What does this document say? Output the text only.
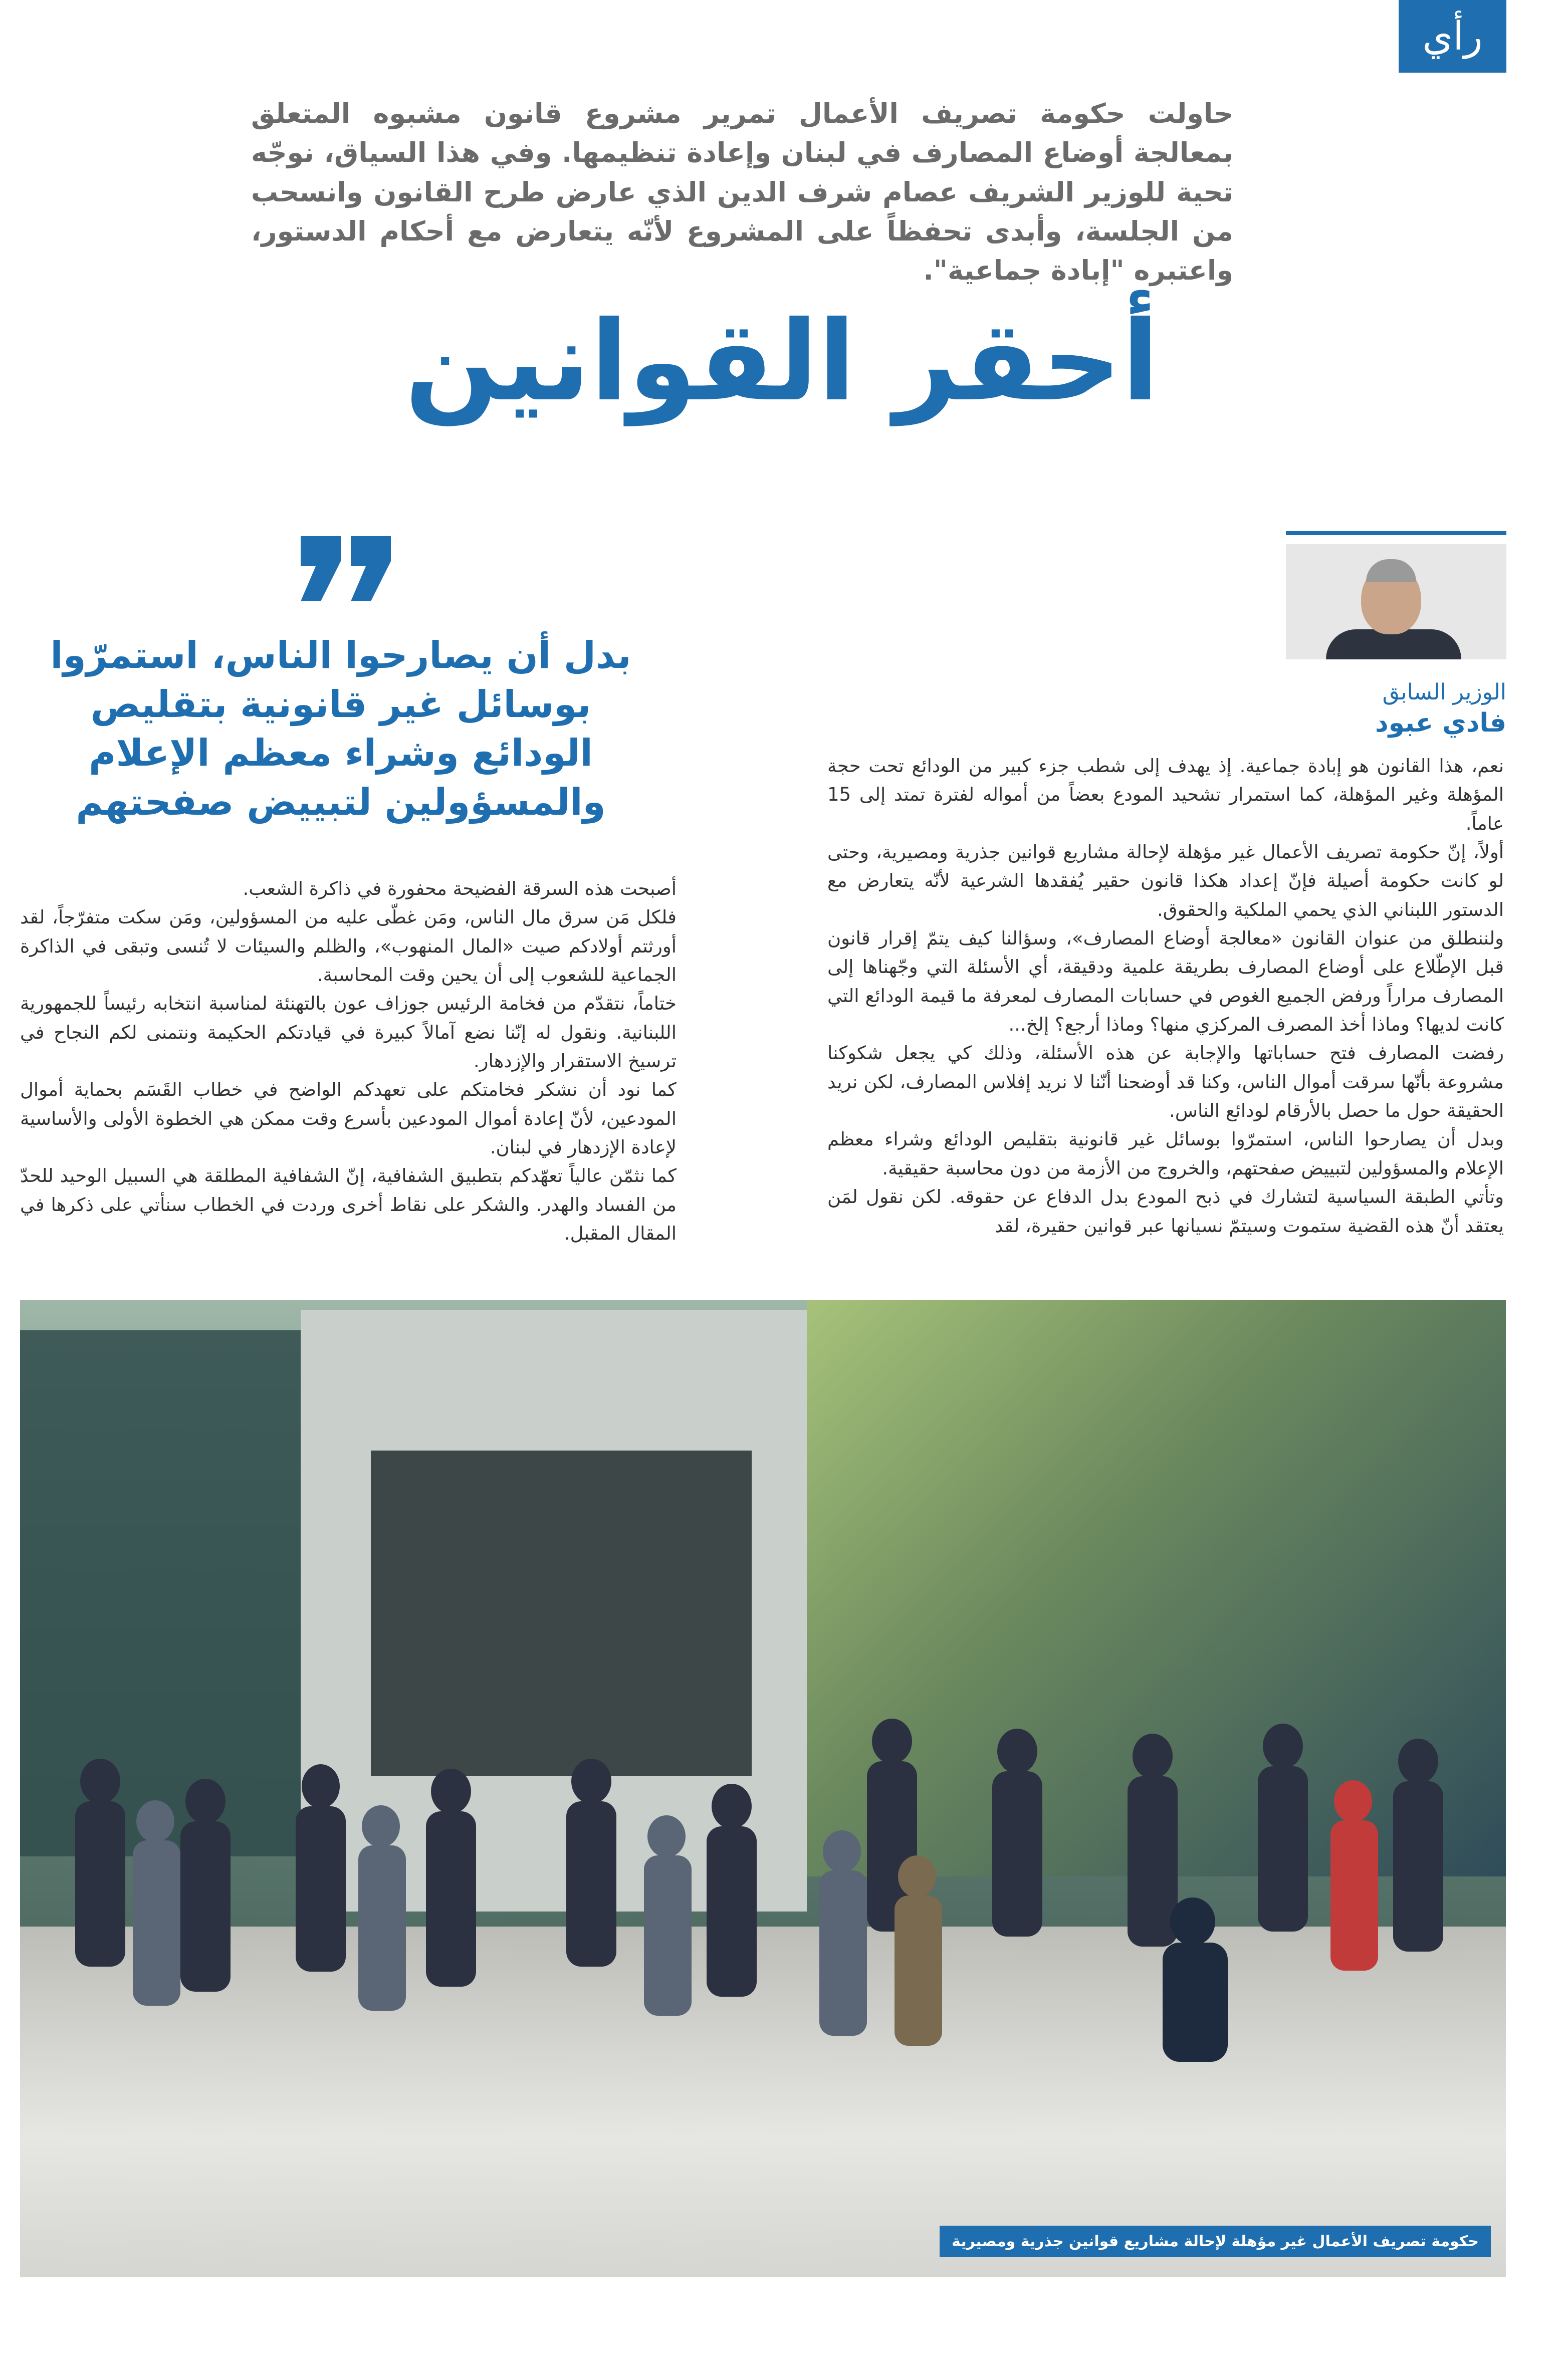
رأي

حاولت حكومة تصريف الأعمال تمرير مشروع قانون مشبوه المتعلق بمعالجة أوضاع المصارف في لبنان وإعادة تنظيمها. وفي هذا السياق، نوجّه تحية للوزير الشريف عصام شرف الدين الذي عارض طرح القانون وانسحب من الجلسة، وأبدى تحفظاً على المشروع لأنّه يتعارض مع أحكام الدستور، واعتبره "إبادة جماعية".

أحقر القوانين
بدل أن يصارحوا الناس، استمرّوا بوسائل غير قانونية بتقليص الودائع وشراء معظم الإعلام والمسؤولين لتبييض صفحتهم
الوزير السابق
فادي عبود

نعم، هذا القانون هو إبادة جماعية. إذ يهدف إلى شطب جزء كبير من الودائع تحت حجة المؤهلة وغير المؤهلة، كما استمرار تشحيد المودع بعضاً من أمواله لفترة تمتد إلى 15 عاماً.

أولاً، إنّ حكومة تصريف الأعمال غير مؤهلة لإحالة مشاريع قوانين جذرية ومصيرية، وحتى لو كانت حكومة أصيلة فإنّ إعداد هكذا قانون حقير يُفقدها الشرعية لأنّه يتعارض مع الدستور اللبناني الذي يحمي الملكية والحقوق.

ولننطلق من عنوان القانون «معالجة أوضاع المصارف»، وسؤالنا كيف يتمّ إقرار قانون قبل الإطّلاع على أوضاع المصارف بطريقة علمية ودقيقة، أي الأسئلة التي وجّهناها إلى المصارف مراراً ورفض الجميع الغوص في حسابات المصارف لمعرفة ما قيمة الودائع التي كانت لديها؟ وماذا أخذ المصرف المركزي منها؟ وماذا أرجع؟ إلخ...

رفضت المصارف فتح حساباتها والإجابة عن هذه الأسئلة، وذلك كي يجعل شكوكنا مشروعة بأنّها سرقت أموال الناس، وكنا قد أوضحنا أنّنا لا نريد إفلاس المصارف، لكن نريد الحقيقة حول ما حصل بالأرقام لودائع الناس.

وبدل أن يصارحوا الناس، استمرّوا بوسائل غير قانونية بتقليص الودائع وشراء معظم الإعلام والمسؤولين لتبييض صفحتهم، والخروج من الأزمة من دون محاسبة حقيقية.

وتأتي الطبقة السياسية لتشارك في ذبح المودع بدل الدفاع عن حقوقه. لكن نقول لمَن يعتقد أنّ هذه القضية ستموت وسيتمّ نسيانها عبر قوانين حقيرة، لقد

أصبحت هذه السرقة الفضيحة محفورة في ذاكرة الشعب.

فلكل مَن سرق مال الناس، ومَن غطّى عليه من المسؤولين، ومَن سكت متفرّجاً، لقد أورثتم أولادكم صيت «المال المنهوب»، والظلم والسيئات لا تُنسى وتبقى في الذاكرة الجماعية للشعوب إلى أن يحين وقت المحاسبة.

ختاماً، نتقدّم من فخامة الرئيس جوزاف عون بالتهنئة لمناسبة انتخابه رئيساً للجمهورية اللبنانية. ونقول له إنّنا نضع آمالاً كبيرة في قيادتكم الحكيمة ونتمنى لكم النجاح في ترسيخ الاستقرار والإزدهار.

كما نود أن نشكر فخامتكم على تعهدكم الواضح في خطاب القَسَم بحماية أموال المودعين، لأنّ إعادة أموال المودعين بأسرع وقت ممكن هي الخطوة الأولى والأساسية لإعادة الإزدهار في لبنان.

كما نثمّن عالياً تعهّدكم بتطبيق الشفافية، إنّ الشفافية المطلقة هي السبيل الوحيد للحدّ من الفساد والهدر. والشكر على نقاط أخرى وردت في الخطاب سنأتي على ذكرها في المقال المقبل.

حكومة تصريف الأعمال غير مؤهلة لإحالة مشاريع قوانين جذرية ومصيرية
